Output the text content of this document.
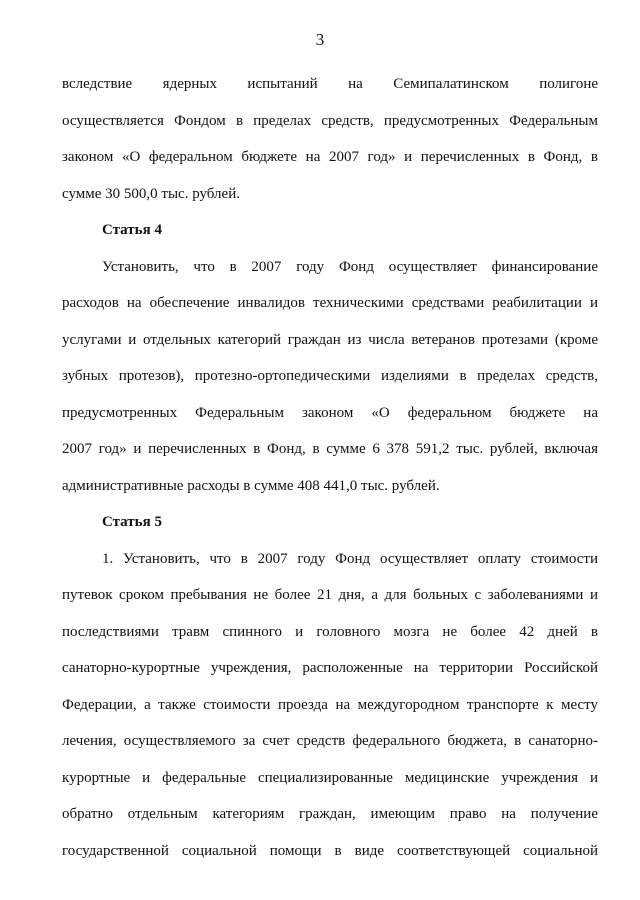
3
вследствие ядерных испытаний на Семипалатинском полигоне
осуществляется Фондом в пределах средств, предусмотренных Федеральным
законом «О федеральном бюджете на 2007 год» и перечисленных в Фонд, в
сумме 30 500,0 тыс. рублей.
Статья 4
Установить, что в 2007 году Фонд осуществляет финансирование
расходов на обеспечение инвалидов техническими средствами реабилитации и
услугами и отдельных категорий граждан из числа ветеранов протезами (кроме
зубных протезов), протезно-ортопедическими изделиями в пределах средств,
предусмотренных Федеральным законом «О федеральном бюджете на
2007 год» и перечисленных в Фонд, в сумме 6 378 591,2 тыс. рублей, включая
административные расходы в сумме 408 441,0 тыс. рублей.
Статья 5
1. Установить, что в 2007 году Фонд осуществляет оплату стоимости
путевок сроком пребывания не более 21 дня, а для больных с заболеваниями и
последствиями травм спинного и головного мозга не более 42 дней в
санаторно-курортные учреждения, расположенные на территории Российской
Федерации, а также стоимости проезда на междугородном транспорте к месту
лечения, осуществляемого за счет средств федерального бюджета, в санаторно-
курортные и федеральные специализированные медицинские учреждения и
обратно отдельным категориям граждан, имеющим право на получение
государственной социальной помощи в виде соответствующей социальной
